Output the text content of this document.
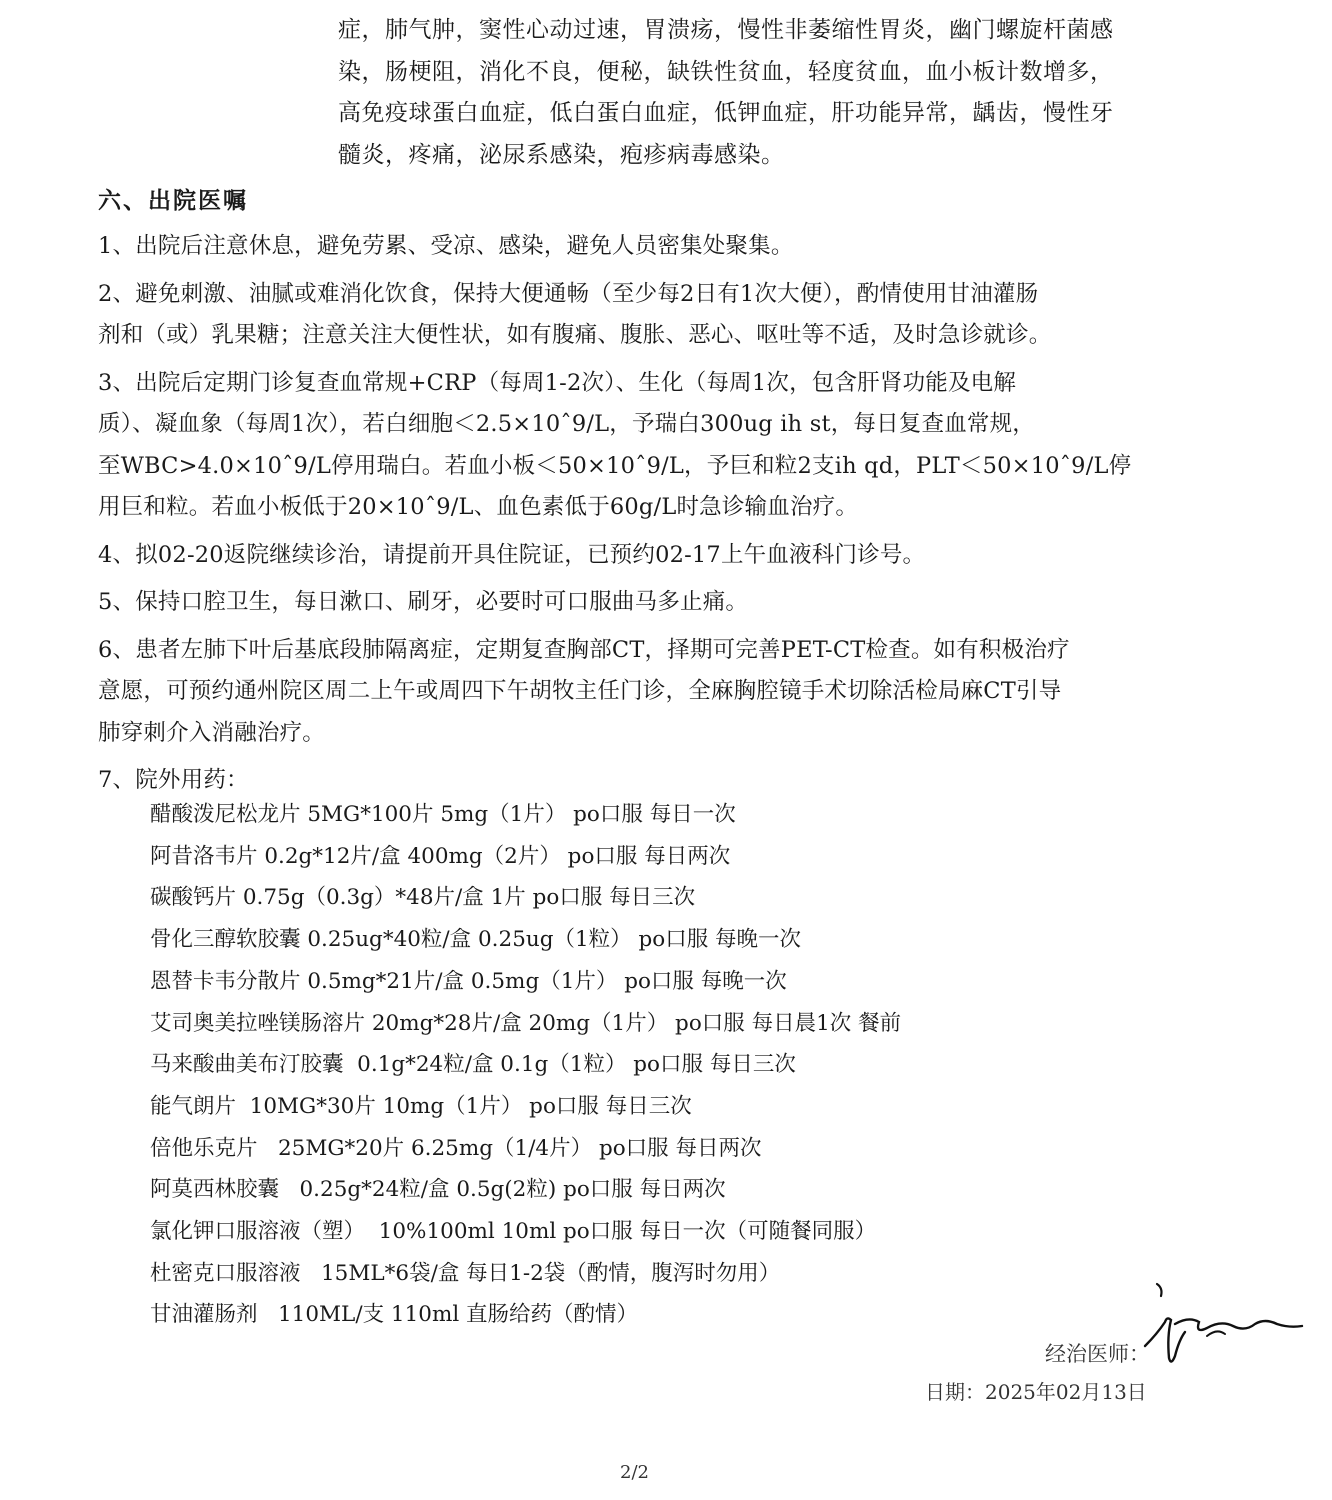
症，肺气肿，窦性心动过速，胃溃疡，慢性非萎缩性胃炎，幽门螺旋杆菌感

染，肠梗阻，消化不良，便秘，缺铁性贫血，轻度贫血，血小板计数增多，

高免疫球蛋白血症，低白蛋白血症，低钾血症，肝功能异常，龋齿，慢性牙

髓炎，疼痛，泌尿系感染，疱疹病毒感染。

六、出院医嘱

1、出院后注意休息，避免劳累、受凉、感染，避免人员密集处聚集。

2、避免刺激、油腻或难消化饮食，保持大便通畅（至少每2日有1次大便），酌情使用甘油灌肠

剂和（或）乳果糖；注意关注大便性状，如有腹痛、腹胀、恶心、呕吐等不适，及时急诊就诊。

3、出院后定期门诊复查血常规+CRP（每周1-2次）、生化（每周1次，包含肝肾功能及电解

质）、凝血象（每周1次），若白细胞＜2.5×10ˆ9/L，予瑞白300ug ih st，每日复查血常规，

至WBC>4.0×10ˆ9/L停用瑞白。若血小板＜50×10ˆ9/L，予巨和粒2支ih qd，PLT＜50×10ˆ9/L停

用巨和粒。若血小板低于20×10ˆ9/L、血色素低于60g/L时急诊输血治疗。

4、拟02-20返院继续诊治，请提前开具住院证，已预约02-17上午血液科门诊号。

5、保持口腔卫生，每日漱口、刷牙，必要时可口服曲马多止痛。

6、患者左肺下叶后基底段肺隔离症，定期复查胸部CT，择期可完善PET-CT检查。如有积极治疗

意愿，可预约通州院区周二上午或周四下午胡牧主任门诊，全麻胸腔镜手术切除活检局麻CT引导

肺穿刺介入消融治疗。

7、院外用药：

醋酸泼尼松龙片 5MG*100片 5mg（1片） po口服 每日一次

阿昔洛韦片 0.2g*12片/盒 400mg（2片） po口服 每日两次

碳酸钙片 0.75g（0.3g）*48片/盒 1片 po口服 每日三次

骨化三醇软胶囊 0.25ug*40粒/盒 0.25ug（1粒） po口服 每晚一次

恩替卡韦分散片 0.5mg*21片/盒 0.5mg（1片） po口服 每晚一次

艾司奥美拉唑镁肠溶片 20mg*28片/盒 20mg（1片） po口服 每日晨1次 餐前

马来酸曲美布汀胶囊  0.1g*24粒/盒 0.1g（1粒） po口服 每日三次

能气朗片  10MG*30片 10mg（1片） po口服 每日三次

倍他乐克片   25MG*20片 6.25mg（1/4片） po口服 每日两次

阿莫西林胶囊   0.25g*24粒/盒 0.5g(2粒) po口服 每日两次

氯化钾口服溶液（塑）  10%100ml 10ml po口服 每日一次（可随餐同服）

杜密克口服溶液   15ML*6袋/盒 每日1-2袋（酌情，腹泻时勿用）

甘油灌肠剂   110ML/支 110ml 直肠给药（酌情）

经治医师：
日期：2025年02月13日
2/2
